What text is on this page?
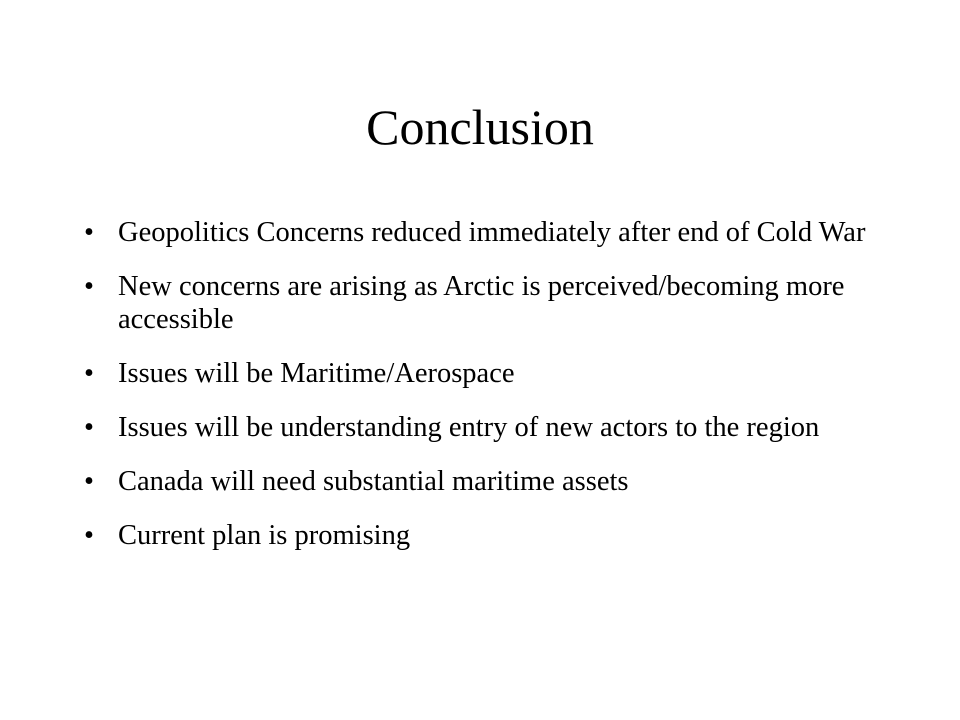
Conclusion
• Geopolitics Concerns reduced immediately after end of Cold War
• New concerns are arising as Arctic is perceived/becoming more accessible
• Issues will be Maritime/Aerospace
• Issues will be understanding entry of new actors to the region
• Canada will need substantial maritime assets
• Current plan is promising
